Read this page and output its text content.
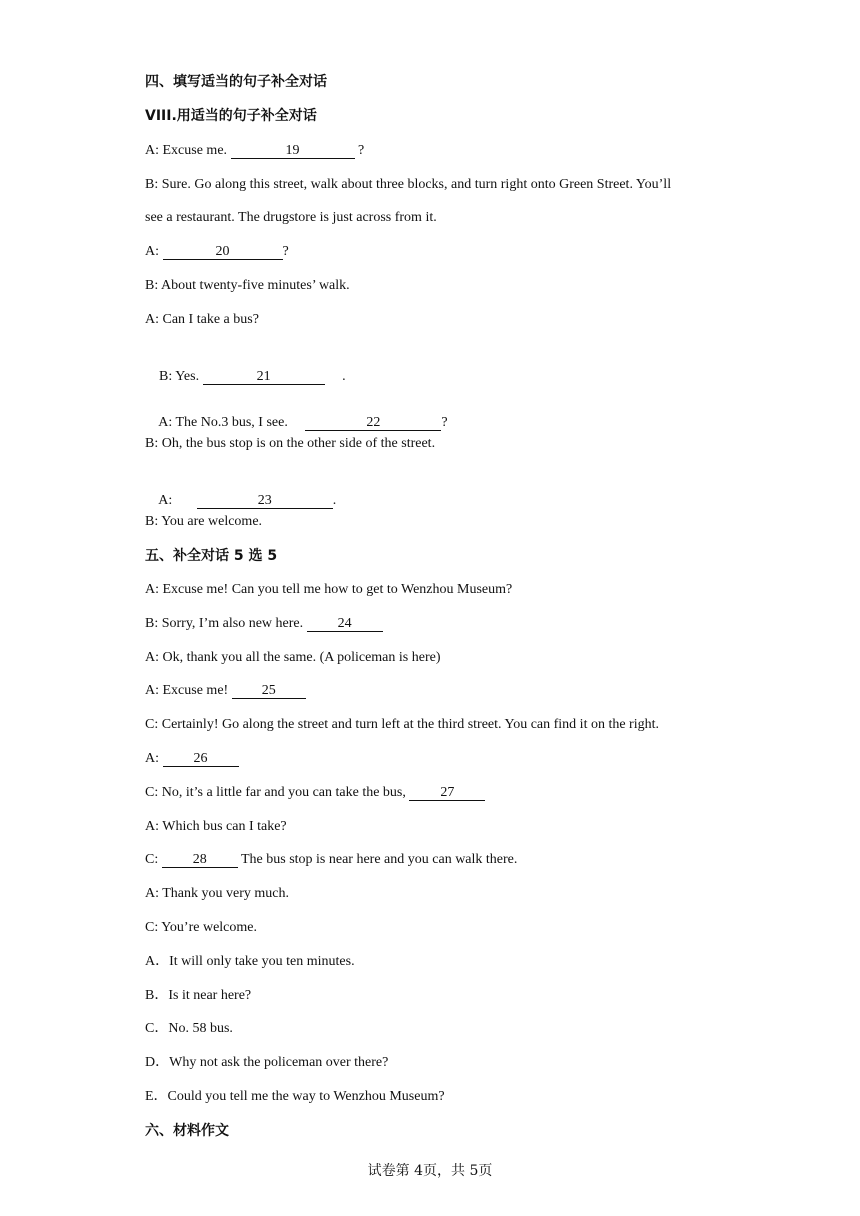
四、填写适当的句子补全对话
VIII.用适当的句子补全对话
A: Excuse me.	19	?
B: Sure. Go along this street, walk about three blocks, and turn right onto Green Street. You’ll
see a restaurant. The drugstore is just across from it.
A:	20	?
B: About twenty-five minutes’ walk.
A: Can I take a bus?

B: Yes.	21	.

A: The No.3 bus, I see.	22	?

B: Oh, the bus stop is on the other side of the street.

A:	23	.

B: You are welcome.
五、补全对话 5 选 5
A: Excuse me! Can you tell me how to get to Wenzhou Museum?
B: Sorry, I’m also new here. 24
A: Ok, thank you all the same. (A policeman is here)
A: Excuse me! 25
C: Certainly! Go along the street and turn left at the third street. You can find it on the right.
A: 26
C: No, it’s a little far and you can take the bus, 27
A: Which bus can I take?
C: 28 The bus stop is near here and you can walk there.
A: Thank you very much.
C: You’re welcome.
A．It will only take you ten minutes.
B．Is it near here?
C．No. 58 bus.
D．Why not ask the policeman over there?
E．Could you tell me the way to Wenzhou Museum?
六、材料作文
试卷第 4页，共 5页
